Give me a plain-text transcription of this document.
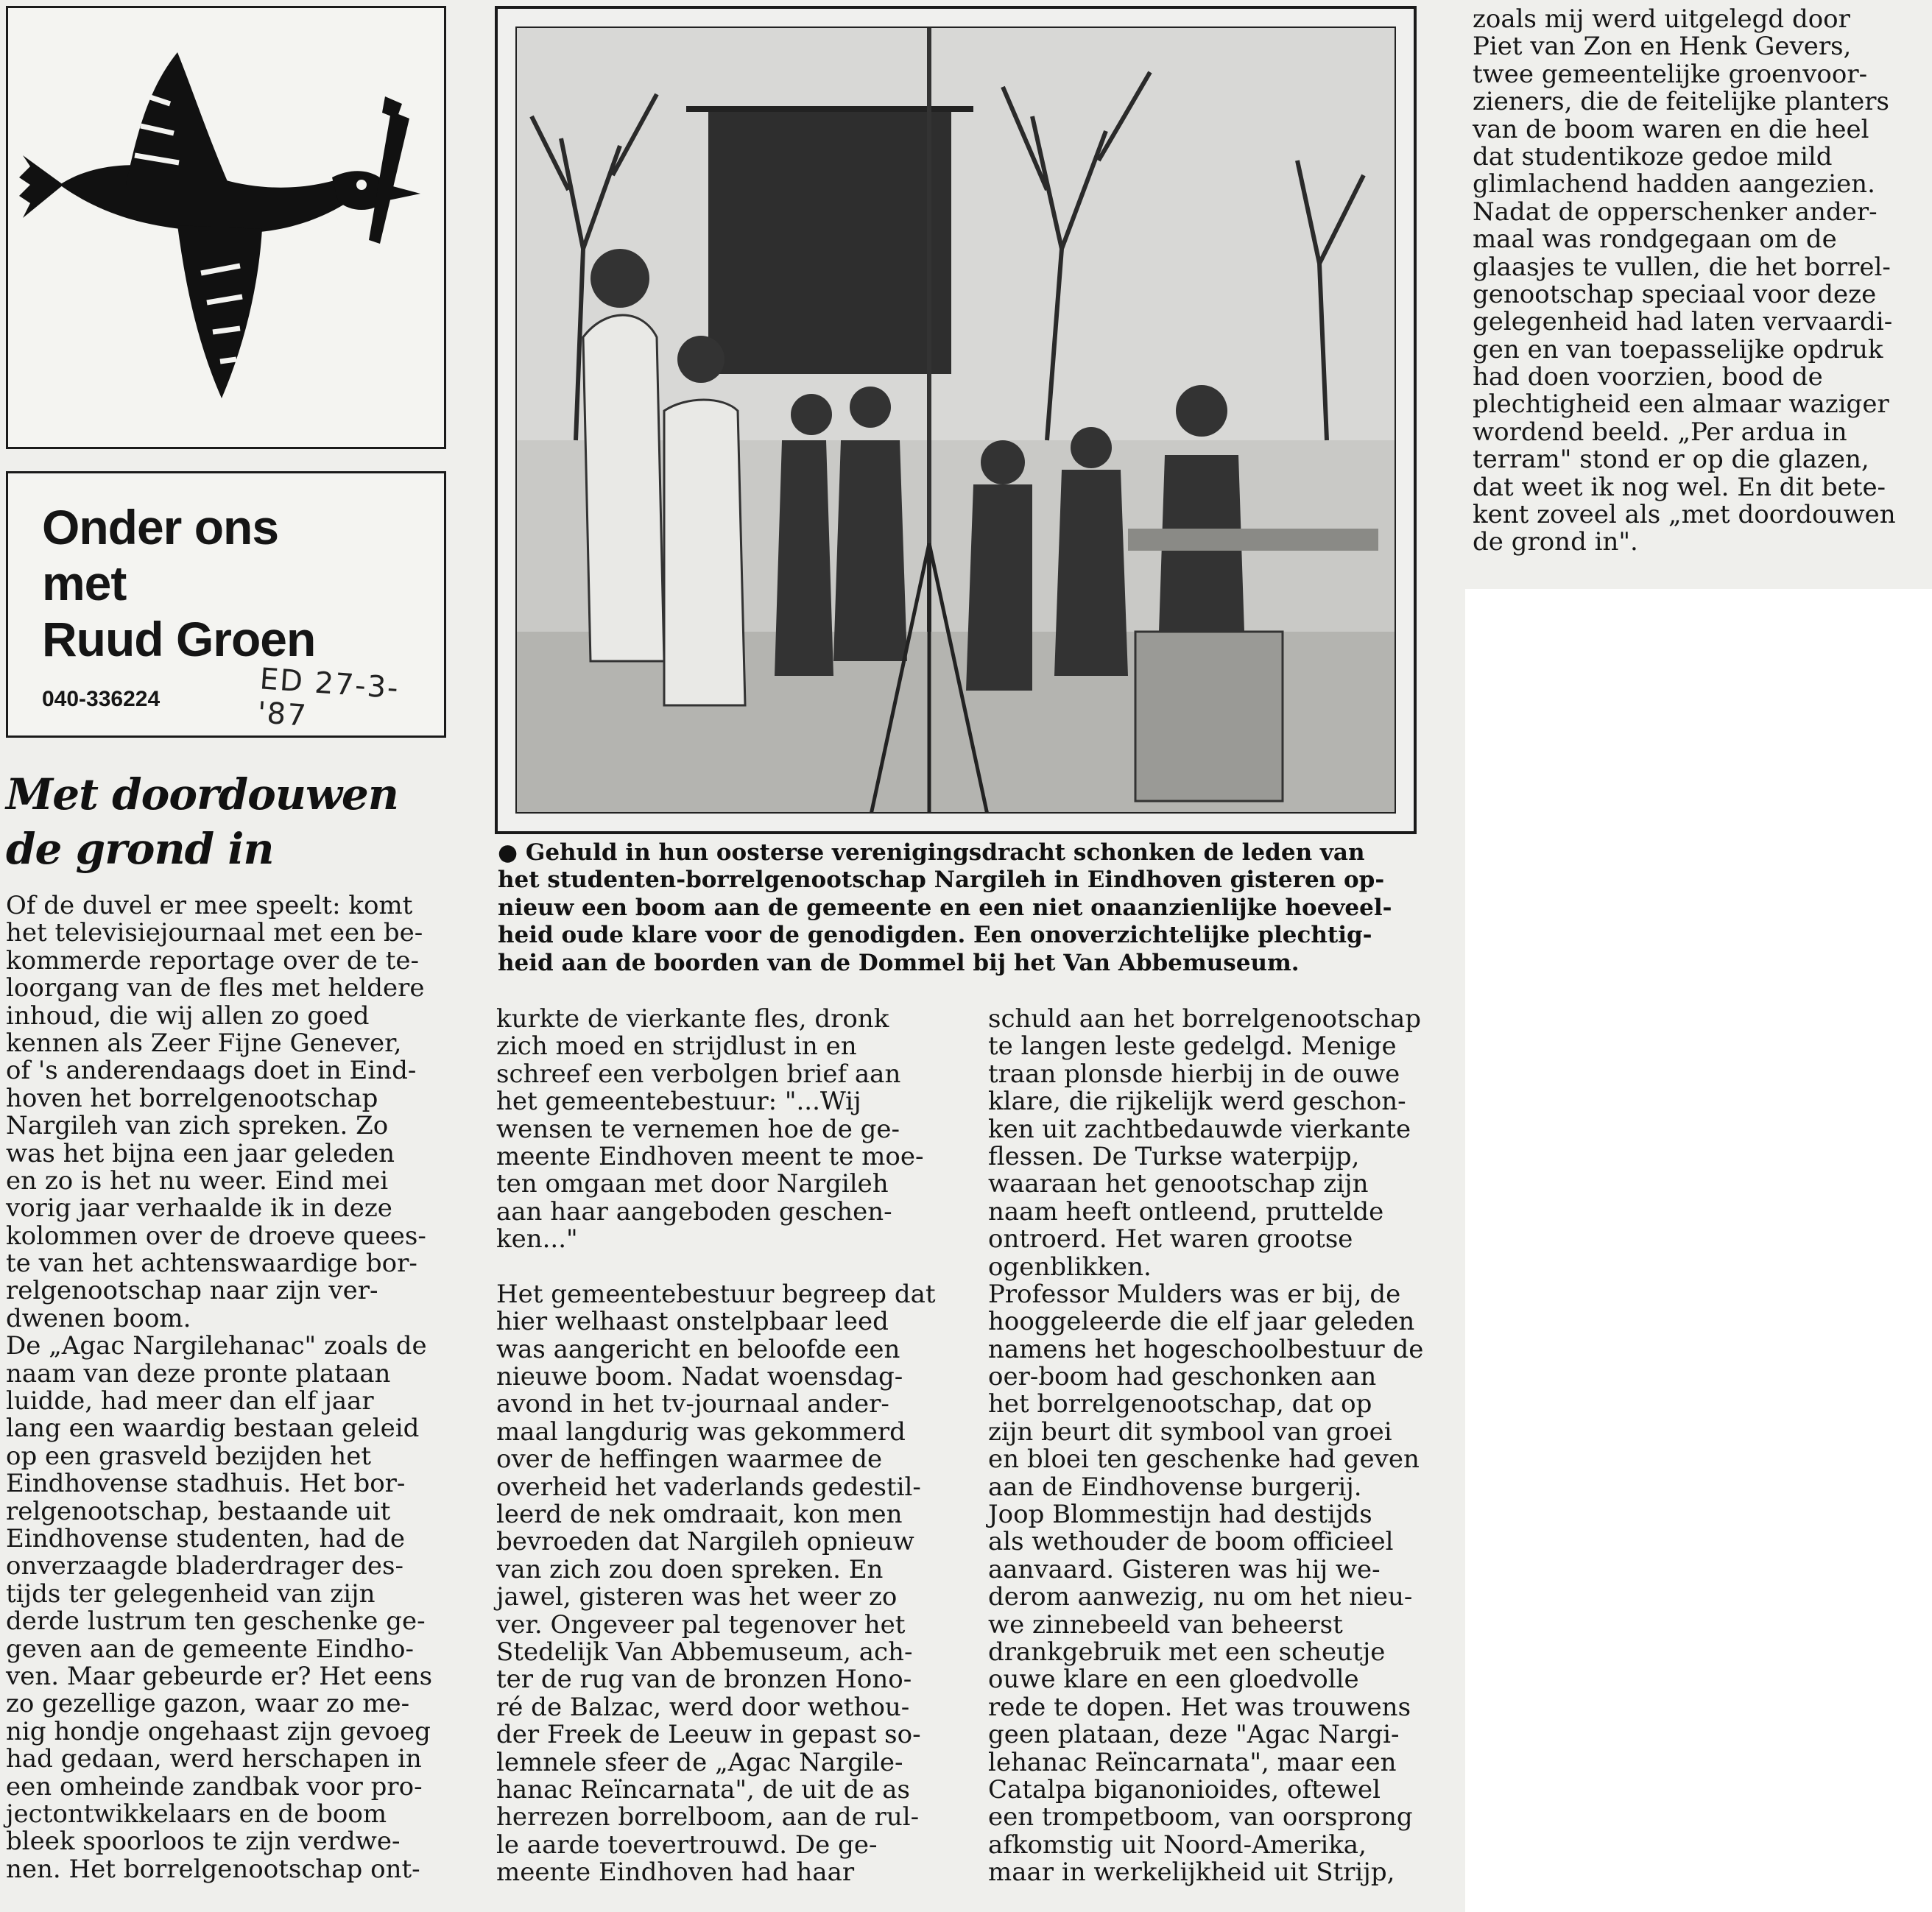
Onder ons
met
Ruud Groen
040-336224	ED 27-3-'87
Met doordouwen
de grond in	● Gehuld in hun oosterse verenigingsdracht schonken de leden van
het studenten-borrelgenootschap Nargileh in Eindhoven gisteren op-
nieuw een boom aan de gemeente en een niet onaanzienlijke hoeveel-
heid oude klare voor de genodigden. Een onoverzichtelijke plechtig-
heid aan de boorden van de Dommel bij het Van Abbemuseum.
Of de duvel er mee speelt: komt
het televisiejournaal met een be-
kommerde reportage over de te-
loorgang van de fles met heldere
inhoud, die wij allen zo goed
kennen als Zeer Fijne Genever,
of 's anderendaags doet in Eind-
hoven het borrelgenootschap
Nargileh van zich spreken. Zo
was het bijna een jaar geleden
en zo is het nu weer. Eind mei
vorig jaar verhaalde ik in deze
kolommen over de droeve quees-
te van het achtenswaardige bor-
relgenootschap naar zijn ver-
dwenen boom.
De „Agac Nargilehanac" zoals de
naam van deze pronte plataan
luidde, had meer dan elf jaar
lang een waardig bestaan geleid
op een grasveld bezijden het
Eindhovense stadhuis. Het bor-
relgenootschap, bestaande uit
Eindhovense studenten, had de
onverzaagde bladerdrager des-
tijds ter gelegenheid van zijn
derde lustrum ten geschenke ge-
geven aan de gemeente Eindho-
ven. Maar gebeurde er? Het eens
zo gezellige gazon, waar zo me-
nig hondje ongehaast zijn gevoeg
had gedaan, werd herschapen in
een omheinde zandbak voor pro-
jectontwikkelaars en de boom
bleek spoorloos te zijn verdwe-
nen. Het borrelgenootschap ont-
kurkte de vierkante fles, dronk
zich moed en strijdlust in en
schreef een verbolgen brief aan
het gemeentebestuur: "...Wij
wensen te vernemen hoe de ge-
meente Eindhoven meent te moe-
ten omgaan met door Nargileh
aan haar aangeboden geschen-
ken..."
Het gemeentebestuur begreep dat
hier welhaast onstelpbaar leed
was aangericht en beloofde een
nieuwe boom. Nadat woensdag-
avond in het tv-journaal ander-
maal langdurig was gekommerd
over de heffingen waarmee de
overheid het vaderlands gedestil-
leerd de nek omdraait, kon men
bevroeden dat Nargileh opnieuw
van zich zou doen spreken. En
jawel, gisteren was het weer zo
ver. Ongeveer pal tegenover het
Stedelijk Van Abbemuseum, ach-
ter de rug van de bronzen Hono-
ré de Balzac, werd door wethou-
der Freek de Leeuw in gepast so-
lemnele sfeer de „Agac Nargile-
hanac Reïncarnata", de uit de as
herrezen borrelboom, aan de rul-
le aarde toevertrouwd. De ge-
meente Eindhoven had haar
schuld aan het borrelgenootschap
te langen leste gedelgd. Menige
traan plonsde hierbij in de ouwe
klare, die rijkelijk werd geschon-
ken uit zachtbedauwde vierkante
flessen. De Turkse waterpijp,
waaraan het genootschap zijn
naam heeft ontleend, pruttelde
ontroerd. Het waren grootse
ogenblikken.
Professor Mulders was er bij, de
hooggeleerde die elf jaar geleden
namens het hogeschoolbestuur de
oer-boom had geschonken aan
het borrelgenootschap, dat op
zijn beurt dit symbool van groei
en bloei ten geschenke had geven
aan de Eindhovense burgerij.
Joop Blommestijn had destijds
als wethouder de boom officieel
aanvaard. Gisteren was hij we-
derom aanwezig, nu om het nieu-
we zinnebeeld van beheerst
drankgebruik met een scheutje
ouwe klare en een gloedvolle
rede te dopen. Het was trouwens
geen plataan, deze "Agac Nargi-
lehanac Reïncarnata", maar een
Catalpa biganonioides, oftewel
een trompetboom, van oorsprong
afkomstig uit Noord-Amerika,
maar in werkelijkheid uit Strijp,
zoals mij werd uitgelegd door
Piet van Zon en Henk Gevers,
twee gemeentelijke groenvoor-
zieners, die de feitelijke planters
van de boom waren en die heel
dat studentikoze gedoe mild
glimlachend hadden aangezien.
Nadat de opperschenker ander-
maal was rondgegaan om de
glaasjes te vullen, die het borrel-
genootschap speciaal voor deze
gelegenheid had laten vervaardi-
gen en van toepasselijke opdruk
had doen voorzien, bood de
plechtigheid een almaar waziger
wordend beeld. „Per ardua in
terram" stond er op die glazen,
dat weet ik nog wel. En dit bete-
kent zoveel als „met doordouwen
de grond in".
